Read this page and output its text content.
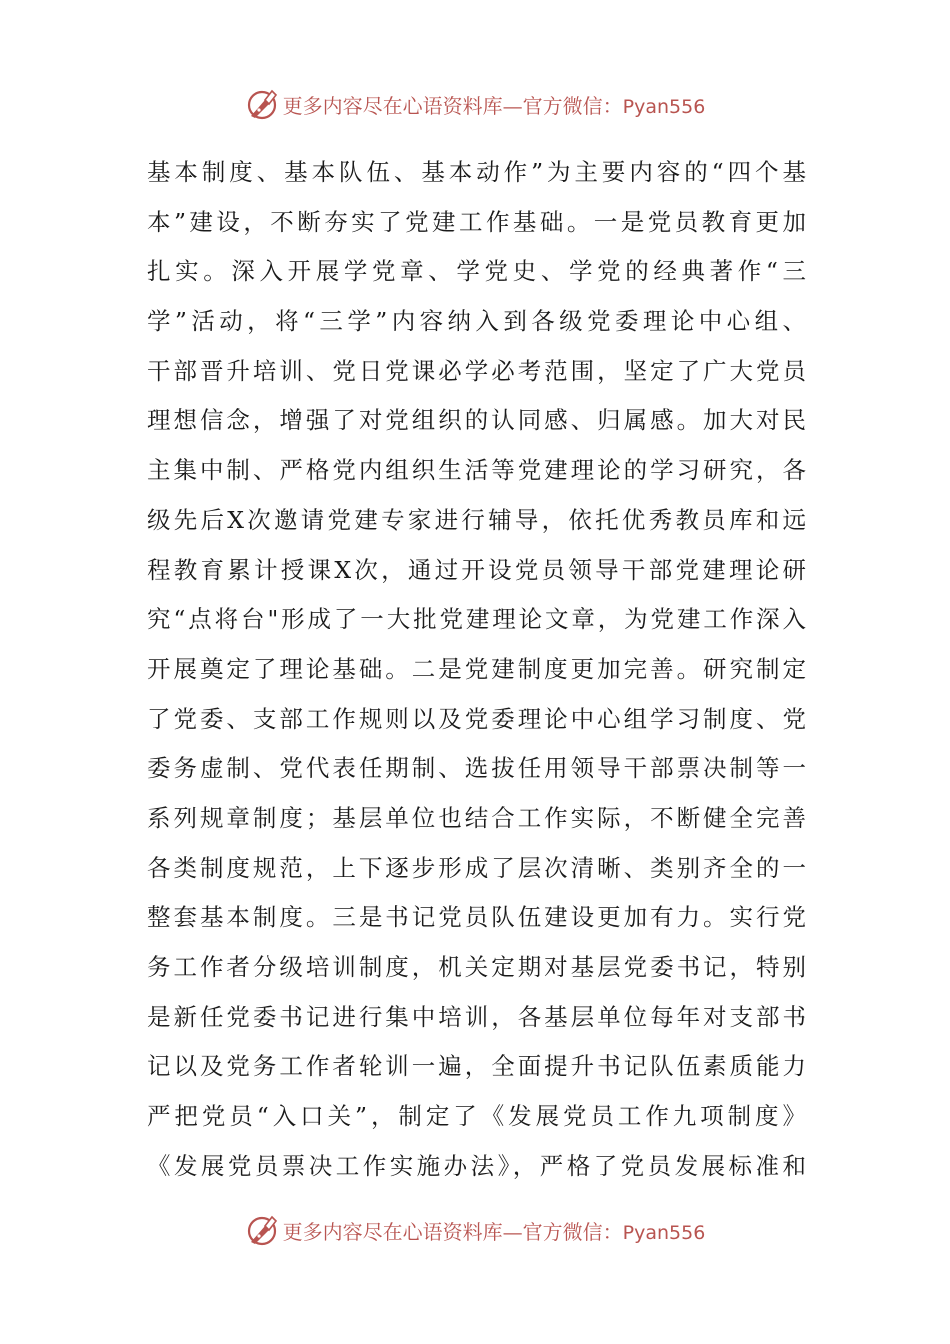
更多内容尽在心语资料库—官方微信：Pyan556
基本制度、基本队伍、基本动作”为主要内容的“四个基
本”建设，不断夯实了党建工作基础。一是党员教育更加
扎实。深入开展学党章、学党史、学党的经典著作“三
学”活动，将“三学”内容纳入到各级党委理论中心组、
干部晋升培训、党日党课必学必考范围，坚定了广大党员
理想信念，增强了对党组织的认同感、归属感。加大对民
主集中制、严格党内组织生活等党建理论的学习研究，各
级先后X次邀请党建专家进行辅导，依托优秀教员库和远
程教育累计授课X次，通过开设党员领导干部党建理论研
究“点将台"形成了一大批党建理论文章，为党建工作深入
开展奠定了理论基础。二是党建制度更加完善。研究制定
了党委、支部工作规则以及党委理论中心组学习制度、党
委务虚制、党代表任期制、选拔任用领导干部票决制等一
系列规章制度；基层单位也结合工作实际，不断健全完善
各类制度规范，上下逐步形成了层次清晰、类别齐全的一
整套基本制度。三是书记党员队伍建设更加有力。实行党
务工作者分级培训制度，机关定期对基层党委书记，特别
是新任党委书记进行集中培训，各基层单位每年对支部书
记以及党务工作者轮训一遍，全面提升书记队伍素质能力
严把党员“入口关”，制定了《发展党员工作九项制度》
《发展党员票决工作实施办法》，严格了党员发展标准和
更多内容尽在心语资料库—官方微信：Pyan556
